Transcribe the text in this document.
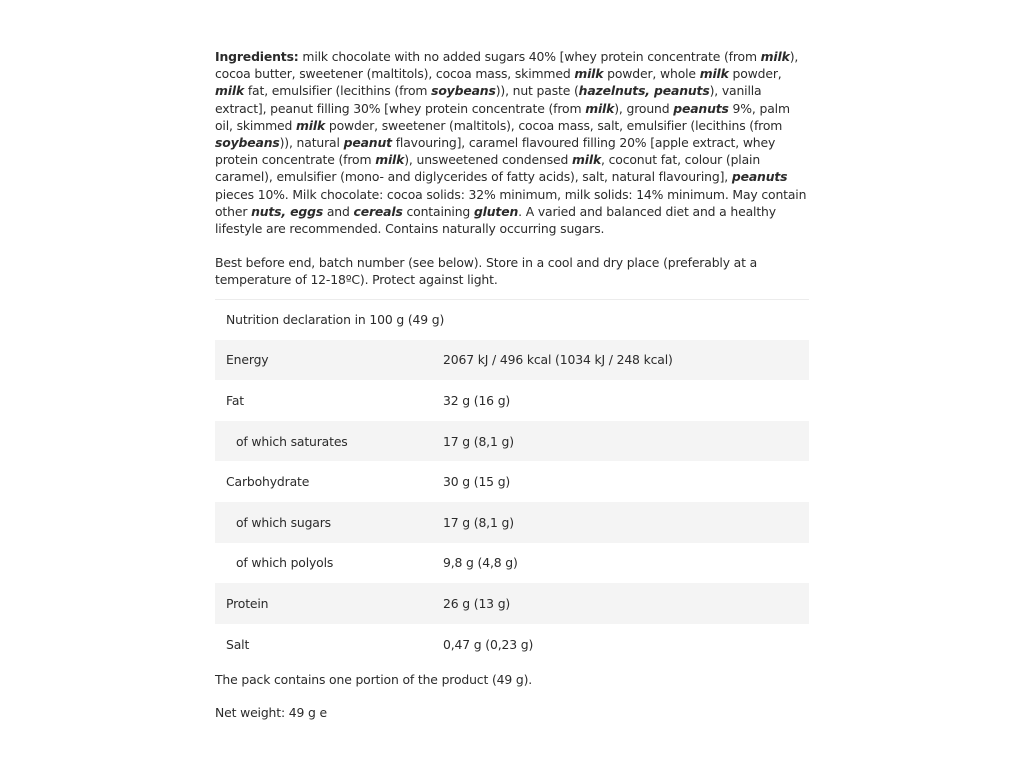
Ingredients: milk chocolate with no added sugars 40% [whey protein concentrate (from milk), cocoa butter, sweetener (maltitols), cocoa mass, skimmed milk powder, whole milk powder, milk fat, emulsifier (lecithins (from soybeans)), nut paste (hazelnuts, peanuts), vanilla extract], peanut filling 30% [whey protein concentrate (from milk), ground peanuts 9%, palm oil, skimmed milk powder, sweetener (maltitols), cocoa mass, salt, emulsifier (lecithins (from soybeans)), natural peanut flavouring], caramel flavoured filling 20% [apple extract, whey protein concentrate (from milk), unsweetened condensed milk, coconut fat, colour (plain caramel), emulsifier (mono- and diglycerides of fatty acids), salt, natural flavouring], peanuts pieces 10%. Milk chocolate: cocoa solids: 32% minimum, milk solids: 14% minimum. May contain other nuts, eggs and cereals containing gluten. A varied and balanced diet and a healthy lifestyle are recommended. Contains naturally occurring sugars.

Best before end, batch number (see below). Store in a cool and dry place (preferably at a temperature of 12-18ºC). Protect against light.

Nutrition declaration in 100 g (49 g)	
Energy	2067 kJ / 496 kcal (1034 kJ / 248 kcal)
Fat	32 g (16 g)
of which saturates	17 g (8,1 g)
Carbohydrate	30 g (15 g)
of which sugars	17 g (8,1 g)
of which polyols	9,8 g (4,8 g)
Protein	26 g (13 g)
Salt	0,47 g (0,23 g)

The pack contains one portion of the product (49 g).

Net weight: 49 g e
